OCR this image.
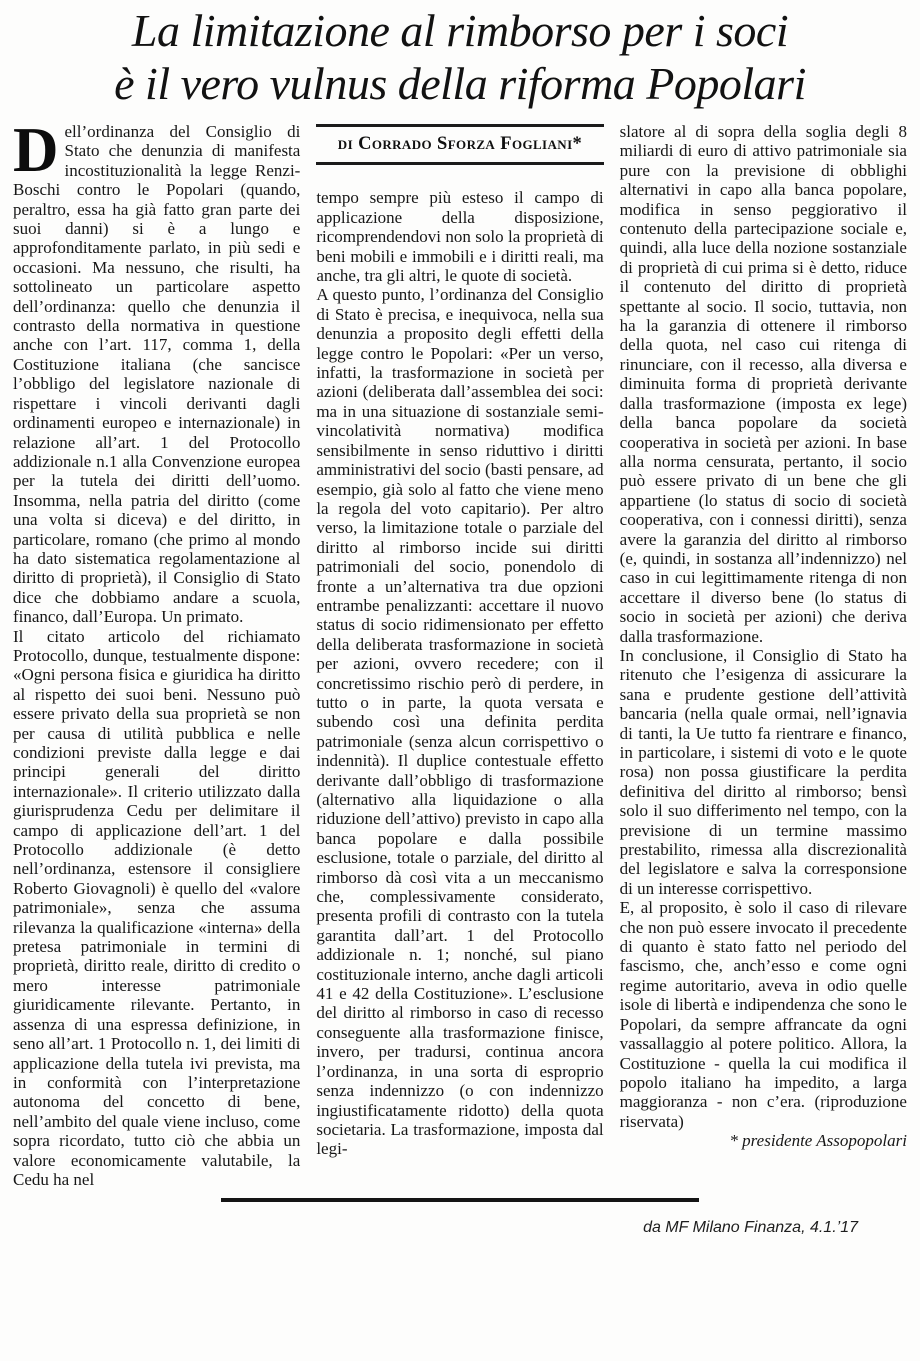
La limitazione al rimborso per i soci
è il vero vulnus della riforma Popolari

Dell’ordinanza del Consiglio di Stato che denunzia di manifesta incostituzionalità la legge Renzi-Boschi contro le Popolari (quando, peraltro, essa ha già fatto gran parte dei suoi danni) si è a lungo e approfonditamente parlato, in più sedi e occasioni. Ma nessuno, che risulti, ha sottolineato un particolare aspetto dell’ordinanza: quello che denunzia il contrasto della normativa in questione anche con l’art. 117, comma 1, della Costituzione italiana (che sancisce l’obbligo del legislatore nazionale di rispettare i vincoli derivanti dagli ordinamenti europeo e internazionale) in relazione all’art. 1 del Protocollo addizionale n.1 alla Convenzione europea per la tutela dei diritti dell’uomo. Insomma, nella patria del diritto (come una volta si diceva) e del diritto, in particolare, romano (che primo al mondo ha dato sistematica regolamentazione al diritto di proprietà), il Consiglio di Stato dice che dobbiamo andare a scuola, financo, dall’Europa. Un primato.

Il citato articolo del richiamato Protocollo, dunque, testualmente dispone: «Ogni persona fisica e giuridica ha diritto al rispetto dei suoi beni. Nessuno può essere privato della sua proprietà se non per causa di utilità pubblica e nelle condizioni previste dalla legge e dai principi generali del diritto internazionale». Il criterio utilizzato dalla giurisprudenza Cedu per delimitare il campo di applicazione dell’art. 1 del Protocollo addizionale (è detto nell’ordinanza, estensore il consigliere Roberto Giovagnoli) è quello del «valore patrimoniale», senza che assuma rilevanza la qualificazione «interna» della pretesa patrimoniale in termini di proprietà, diritto reale, diritto di credito o mero interesse patrimoniale giuridicamente rilevante. Pertanto, in assenza di una espressa definizione, in seno all’art. 1 Protocollo n. 1, dei limiti di applicazione della tutela ivi prevista, ma in conformità con l’interpretazione autonoma del concetto di bene, nell’ambito del quale viene incluso, come sopra ricordato, tutto ciò che abbia un valore economicamente valutabile, la Cedu ha nel

di Corrado Sforza Fogliani*

tempo sempre più esteso il campo di applicazione della disposizione, ricomprendendovi non solo la proprietà di beni mobili e immobili e i diritti reali, ma anche, tra gli altri, le quote di società.

A questo punto, l’ordinanza del Consiglio di Stato è precisa, e inequivoca, nella sua denunzia a proposito degli effetti della legge contro le Popolari: «Per un verso, infatti, la trasformazione in società per azioni (deliberata dall’assemblea dei soci: ma in una situazione di sostanziale semi-vincolatività normativa) modifica sensibilmente in senso riduttivo i diritti amministrativi del socio (basti pensare, ad esempio, già solo al fatto che viene meno la regola del voto capitario). Per altro verso, la limitazione totale o parziale del diritto al rimborso incide sui diritti patrimoniali del socio, ponendolo di fronte a un’alternativa tra due opzioni entrambe penalizzanti: accettare il nuovo status di socio ridimensionato per effetto della deliberata trasformazione in società per azioni, ovvero recedere; con il concretissimo rischio però di perdere, in tutto o in parte, la quota versata e subendo così una definita perdita patrimoniale (senza alcun corrispettivo o indennità). Il duplice contestuale effetto derivante dall’obbligo di trasformazione (alternativo alla liquidazione o alla riduzione dell’attivo) previsto in capo alla banca popolare e dalla possibile esclusione, totale o parziale, del diritto al rimborso dà così vita a un meccanismo che, complessivamente considerato, presenta profili di contrasto con la tutela garantita dall’art. 1 del Protocollo addizionale n. 1; nonché, sul piano costituzionale interno, anche dagli articoli 41 e 42 della Costituzione». L’esclusione del diritto al rimborso in caso di recesso conseguente alla trasformazione finisce, invero, per tradursi, continua ancora l’ordinanza, in una sorta di esproprio senza indennizzo (o con indennizzo ingiustificatamente ridotto) della quota societaria. La trasformazione, imposta dal legi-

slatore al di sopra della soglia degli 8 miliardi di euro di attivo patrimoniale sia pure con la previsione di obblighi alternativi in capo alla banca popolare, modifica in senso peggiorativo il contenuto della partecipazione sociale e, quindi, alla luce della nozione sostanziale di proprietà di cui prima si è detto, riduce il contenuto del diritto di proprietà spettante al socio. Il socio, tuttavia, non ha la garanzia di ottenere il rimborso della quota, nel caso cui ritenga di rinunciare, con il recesso, alla diversa e diminuita forma di proprietà derivante dalla trasformazione (imposta ex lege) della banca popolare da società cooperativa in società per azioni. In base alla norma censurata, pertanto, il socio può essere privato di un bene che gli appartiene (lo status di socio di società cooperativa, con i connessi diritti), senza avere la garanzia del diritto al rimborso (e, quindi, in sostanza all’indennizzo) nel caso in cui legittimamente ritenga di non accettare il diverso bene (lo status di socio in società per azioni) che deriva dalla trasformazione.

In conclusione, il Consiglio di Stato ha ritenuto che l’esigenza di assicurare la sana e prudente gestione dell’attività bancaria (nella quale ormai, nell’ignavia di tanti, la Ue tutto fa rientrare e financo, in particolare, i sistemi di voto e le quote rosa) non possa giustificare la perdita definitiva del diritto al rimborso; bensì solo il suo differimento nel tempo, con la previsione di un termine massimo prestabilito, rimessa alla discrezionalità del legislatore e salva la corresponsione di un interesse corrispettivo.

E, al proposito, è solo il caso di rilevare che non può essere invocato il precedente di quanto è stato fatto nel periodo del fascismo, che, anch’esso e come ogni regime autoritario, aveva in odio quelle isole di libertà e indipendenza che sono le Popolari, da sempre affrancate da ogni vassallaggio al potere politico. Allora, la Costituzione - quella la cui modifica il popolo italiano ha impedito, a larga maggioranza - non c’era. (riproduzione riservata)

* presidente Assopopolari

da MF Milano Finanza, 4.1.’17
